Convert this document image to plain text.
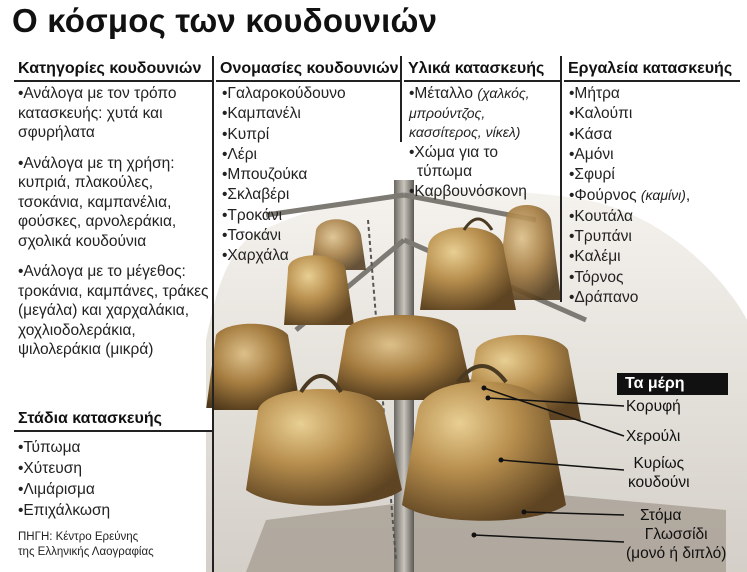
Ο κόσμος των κουδουνιών
Κατηγορίες κουδουνιών

•Ανάλογα με τον τρόπο κατασκευής: χυτά και σφυρήλατα

•Ανάλογα με τη χρήση: κυπριά, πλακούλες, τσοκάνια, καμπανέλια, φούσκες, αρνολεράκια, σχολικά κουδούνια

•Ανάλογα με το μέγεθος: τροκάνια, καμπάνες, τράκες (μεγάλα) και χαρχαλάκια, χοχλιοδολεράκια, ψιλολεράκια (μικρά)

Στάδια κατασκευής
•Τύπωμα
•Χύτευση
•Λιμάρισμα
•Επιχάλκωση
ΠΗΓΗ: Κέντρο Ερεύνης
της Ελληνικής Λαογραφίας
Ονομασίες κουδουνιών
•Γαλαροκούδουνο
•Καμπανέλι
•Κυπρί
•Λέρι
•Μπουζούκα
•Σκλαβέρι
•Τροκάνι
•Τσοκάνι
•Χαρχάλα
Υλικά κατασκευής
•Μέταλλο (χαλκός,
μπρούντζος,
κασσίτερος, νίκελ)
•Χώμα για το
τύπωμα
•Καρβουνόσκονη
Εργαλεία κατασκευής
•Μήτρα
•Καλούπι
•Κάσα
•Αμόνι
•Σφυρί
•Φούρνος (καμίνι),
•Κουτάλα
•Τρυπάνι
•Καλέμι
•Τόρνος
•Δράπανο
Τα μέρη
Κορυφή
Χερούλι
Κυρίως
κουδούνι
Στόμα
Γλωσσίδι
(μονό ή διπλό)
